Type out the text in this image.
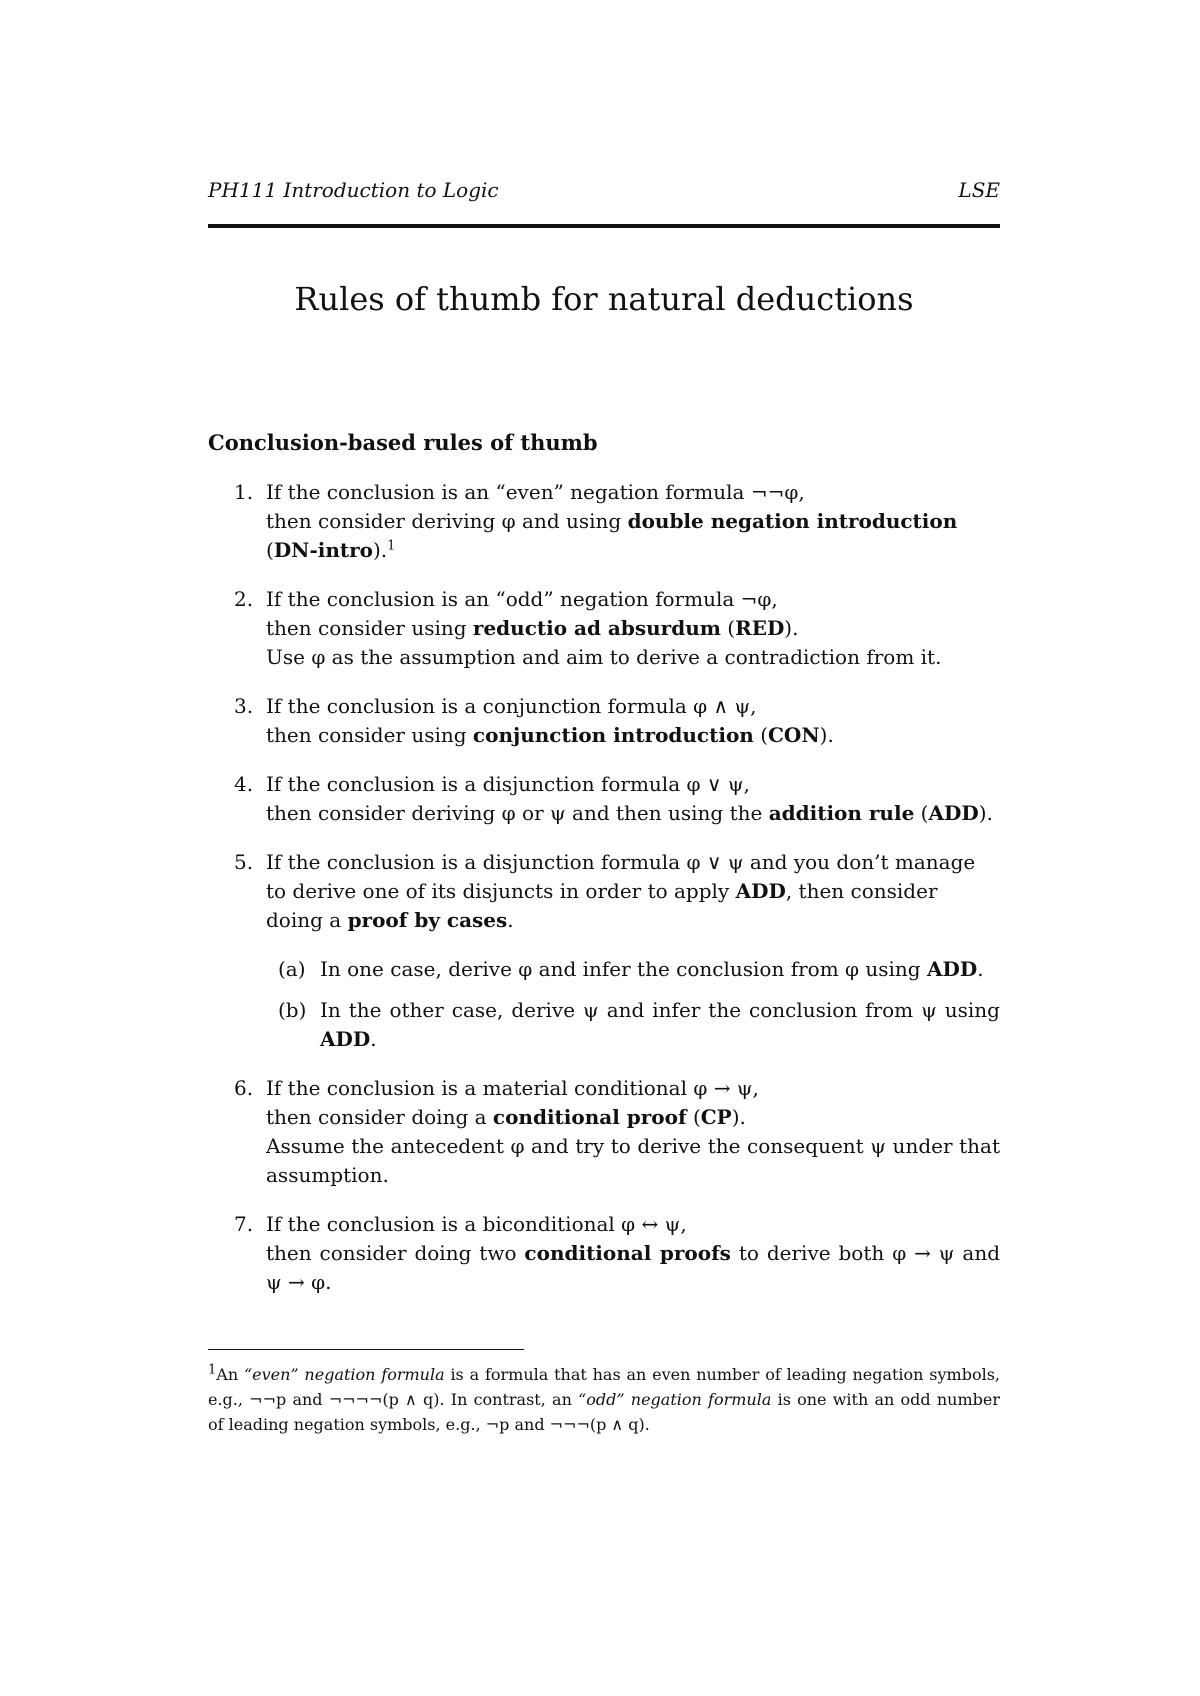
PH111 Introduction to Logic	LSE
Rules of thumb for natural deductions
Conclusion-based rules of thumb
1. If the conclusion is an “even” negation formula ¬¬φ,
then consider deriving φ and using double negation introduction
(DN-intro).$^1$
2. If the conclusion is an “odd” negation formula ¬φ,
then consider using reductio ad absurdum (RED).
Use φ as the assumption and aim to derive a contradiction from it.
3. If the conclusion is a conjunction formula φ ∧ ψ,
then consider using conjunction introduction (CON).
4. If the conclusion is a disjunction formula φ ∨ ψ,
then consider deriving φ or ψ and then using the addition rule (ADD).
5. If the conclusion is a disjunction formula φ ∨ ψ and you don’t manage
to derive one of its disjuncts in order to apply ADD, then consider
doing a proof by cases.
(a) In one case, derive φ and infer the conclusion from φ using ADD.
(b) In the other case, derive ψ and infer the conclusion from ψ using ADD.
6. If the conclusion is a material conditional φ → ψ,
then consider doing a conditional proof (CP).
Assume the antecedent φ and try to derive the consequent ψ under that assumption.
7. If the conclusion is a biconditional φ ↔ ψ,
then consider doing two conditional proofs to derive both φ → ψ and ψ → φ.
$^1$An “even” negation formula is a formula that has an even number of leading negation symbols, e.g., ¬¬p and ¬¬¬¬(p ∧ q). In contrast, an “odd” negation formula is one with an odd number of leading negation symbols, e.g., ¬p and ¬¬¬(p ∧ q).
